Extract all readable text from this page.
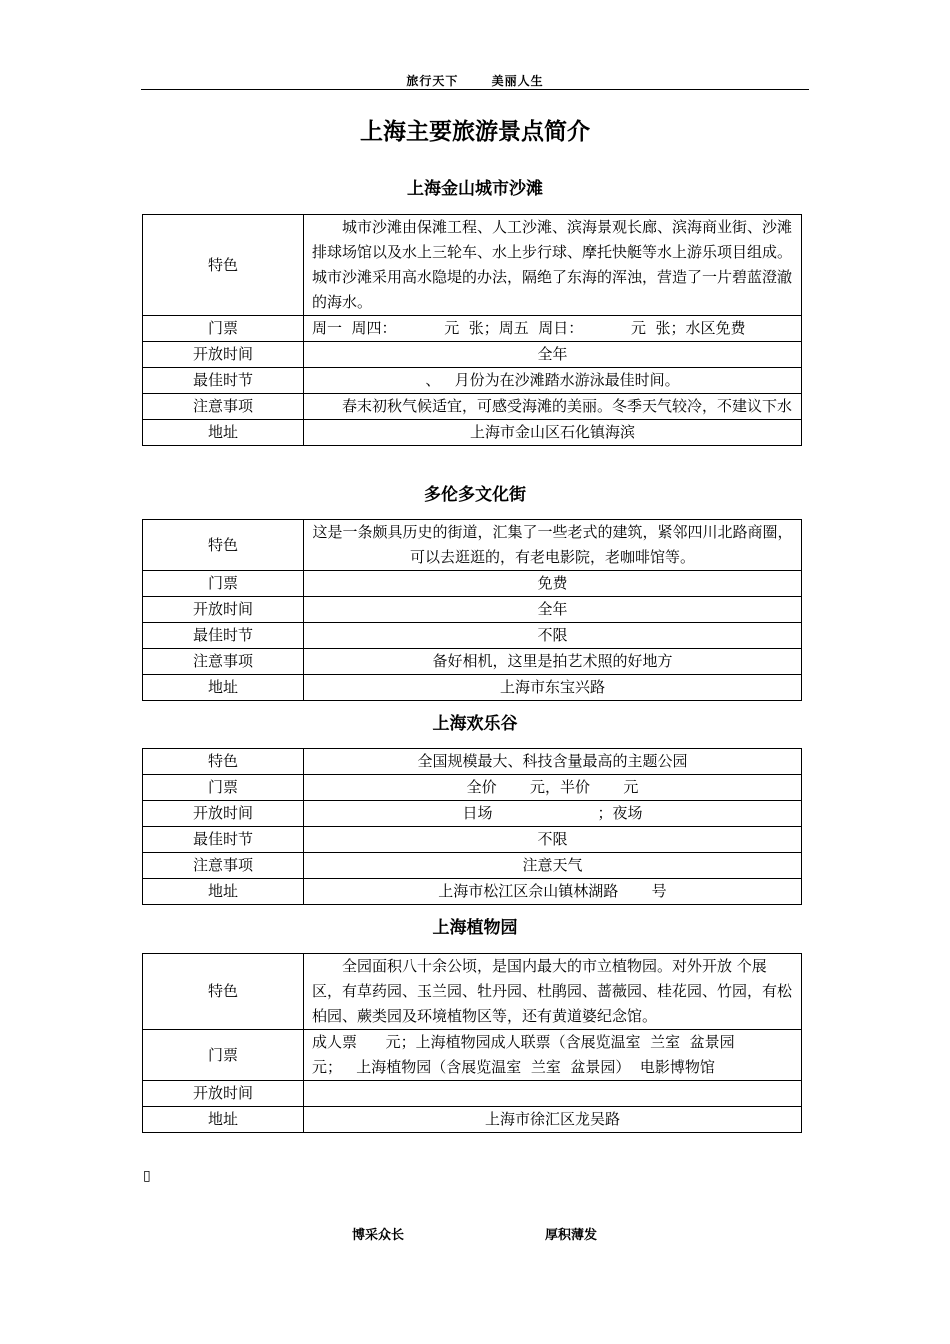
旅行天下	美丽人生
上海主要旅游景点简介
上海金山城市沙滩
特色	城市沙滩由保滩工程、人工沙滩、滨海景观长廊、滨海商业街、沙滩排球场馆以及水上三轮车、水上步行球、摩托快艇等水上游乐项目组成。城市沙滩采用高水隐堤的办法，隔绝了东海的浑浊，营造了一片碧蓝澄澈的海水。
门票	周一  周四：          元  张；周五  周日：          元  张；水区免费
开放时间	全年
最佳时节	、   月份为在沙滩踏水游泳最佳时间。
注意事项	春末初秋气候适宜，可感受海滩的美丽。冬季天气较冷，不建议下水
地址	上海市金山区石化镇海滨
多伦多文化街
特色	这是一条颇具历史的街道，汇集了一些老式的建筑，紧邻四川北路商圈，可以去逛逛的，有老电影院，老咖啡馆等。
门票	免费
开放时间	全年
最佳时节	不限
注意事项	备好相机，这里是拍艺术照的好地方
地址	上海市东宝兴路
上海欢乐谷
特色	全国规模最大、科技含量最高的主题公园
门票	全价       元，半价       元
开放时间	日场                      ；夜场
最佳时节	不限
注意事项	注意天气
地址	上海市松江区佘山镇林湖路       号
上海植物园
特色	全园面积八十余公顷，是国内最大的市立植物园。对外开放 个展区，有草药园、玉兰园、牡丹园、杜鹃园、蔷薇园、桂花园、竹园，有松柏园、蕨类园及环境植物区等，还有黄道婆纪念馆。
门票	成人票      元；上海植物园成人联票（含展览温室  兰室  盆景园      元；   上海植物园（含展览温室  兰室  盆景园）  电影博物馆
开放时间	
地址	上海市徐汇区龙吴路
▯
博采众长	厚积薄发
